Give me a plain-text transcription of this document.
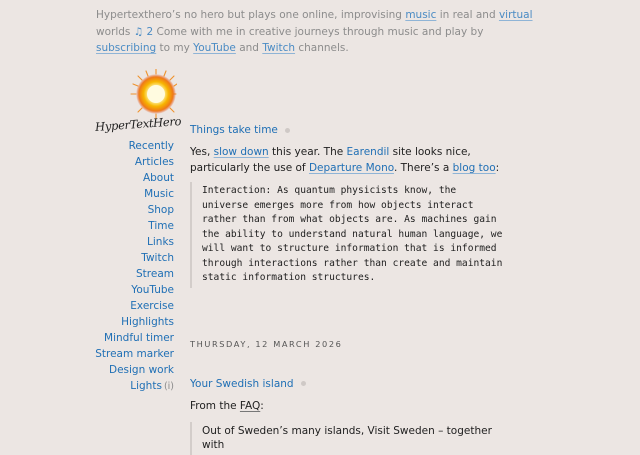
Hypertexthero’s no hero but plays one online, improvising music in real and virtual worlds ♫ 2 Come with me in creative journeys through music and play by subscribing to my YouTube and Twitch channels.
HyperTextHero
Recently
Articles
About
Music
Shop
Time
Links
Twitch
Stream
YouTube
Exercise
Highlights
Mindful timer
Stream marker
Design work
Lights (i)
Things take time

Yes, slow down this year. The Earendil site looks nice, particularly the use of Departure Mono. There’s a blog too:

Interaction: As quantum physicists know, the universe emerges more from how objects interact rather than from what objects are. As machines gain the ability to understand natural human language, we will want to structure information that is informed through interactions rather than create and maintain static information structures.
THURSDAY, 12 MARCH 2026
Your Swedish island

From the FAQ:

Out of Sweden’s many islands, Visit Sweden – together with
